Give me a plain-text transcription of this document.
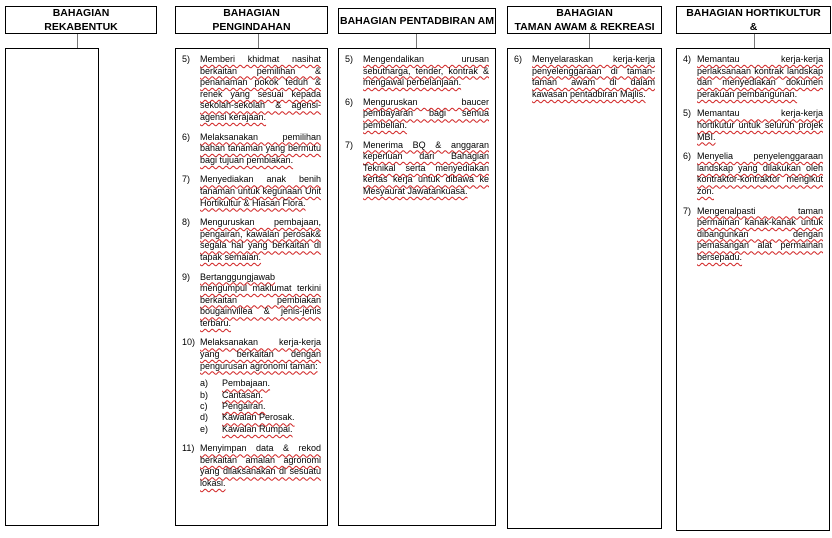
BAHAGIAN
REKABENTUK
BAHAGIAN
PENGINDAHAN
5)	Memberi khidmat nasihat berkaitan pemilihan & penanaman pokok teduh & renek yang sesuai kepada sekolah-sekolah & agensi-agensi kerajaan.
6)	Melaksanakan pemilihan bahan tanaman yang bermutu bagi tujuan pembiakan.
7)	Menyediakan anak benih tanaman untuk kegunaan Unit Hortikultur & Hiasan Flora.
8)	Menguruskan pembajaan, pengairan, kawalan perosak& segala hal yang berkaitan di tapak semaian.
9)	Bertanggungjawab mengumpul maklumat terkini berkaitan pembiakan bougainvillea & jenis-jenis terbaru.
10) Melaksanakan kerja-kerja yang berkaitan dengan pengurusan agronomi taman:
a)	Pembajaan.
b)	Cantasan.
c)	Pengairan.
d)	Kawalan Perosak.
e)	Kawalan Rumpai.
11) Menyimpan data & rekod berkaitan amalan agronomi yang dilaksanakan di sesuatu lokasi.
BAHAGIAN PENTADBIRAN AM
5)	Mengendalikan urusan sebutharga, tender, kontrak & mengawal perbelanjaan.
6)	Menguruskan baucer pembayaran bagi semua pembelian.
7)	Menerima BQ & anggaran keperluan dari Bahagian Teknikal serta menyediakan kertas kerja untuk dibawa ke Mesyaurat Jawatankuasa.
BAHAGIAN
TAMAN AWAM & REKREASI
6)	Menyelaraskan kerja-kerja penyelenggaraan di taman-taman awam di dalam kawasan pentadbiran Majlis.
BAHAGIAN HORTIKULTUR
&
4) Memantau kerja-kerja perlaksanaan kontrak landskap dan menyediakan dokumen perakuan pembangunan.
5) Memantau kerja-kerja hortikutur untuk seluruh projek MBI.
6) Menyelia penyelenggaraan landskap yang dilakukan oleh kontraktor-kontraktor mengikut zon.
7) Mengenalpasti taman permainan kanak-kanak untuk dibangunkan dengan pemasangan alat permainan bersepadu.
